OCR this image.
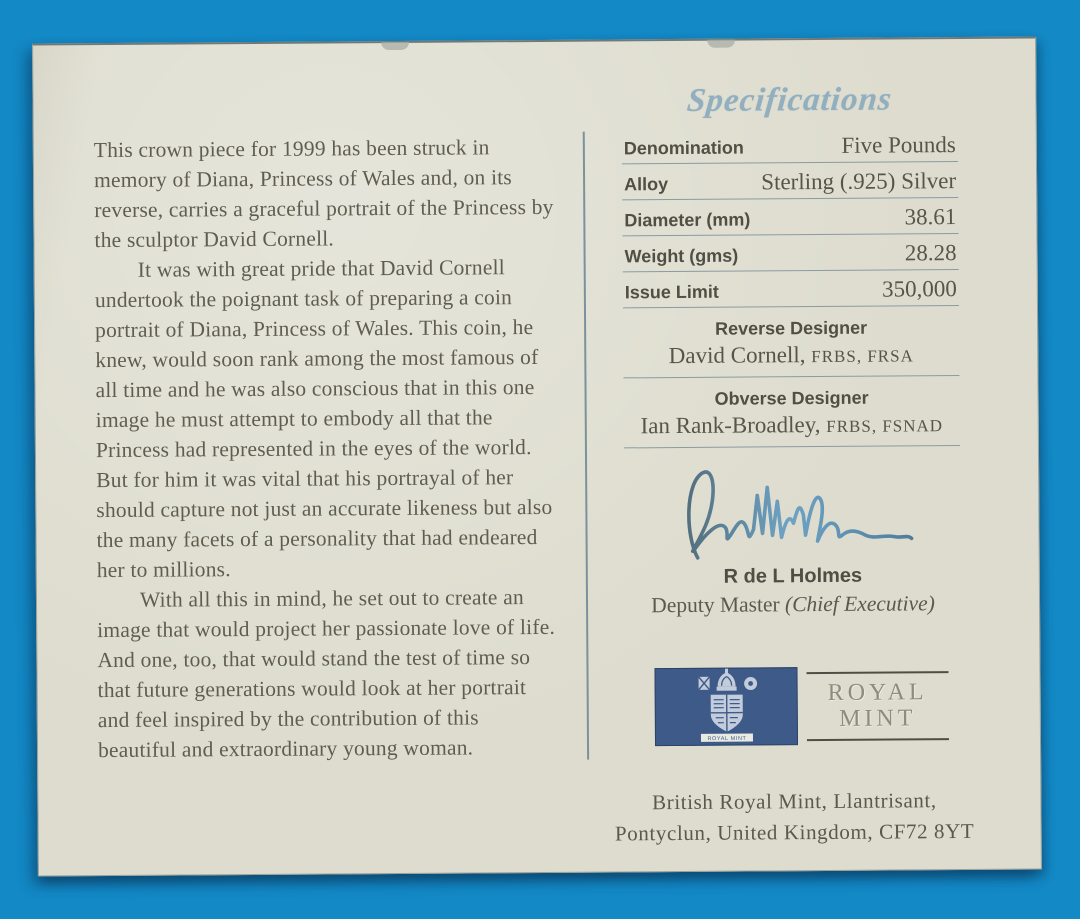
This crown piece for 1999 has been struck in memory of Diana, Princess of Wales and, on its reverse, carries a graceful portrait of the Princess by the sculptor David Cornell.

It was with great pride that David Cornell undertook the poignant task of preparing a coin portrait of Diana, Princess of Wales. This coin, he knew, would soon rank among the most famous of all time and he was also conscious that in this one image he must attempt to embody all that the Princess had represented in the eyes of the world. But for him it was vital that his portrayal of her should capture not just an accurate likeness but also the many facets of a personality that had endeared her to millions.

With all this in mind, he set out to create an image that would project her passionate love of life. And one, too, that would stand the test of time so that future generations would look at her portrait and feel inspired by the contribution of this beautiful and extraordinary young woman.

Specifications
Denomination	Five Pounds
Alloy	Sterling (.925) Silver
Diameter (mm)	38.61
Weight (gms)	28.28
Issue Limit	350,000
Reverse Designer
David Cornell, FRBS, FRSA
Obverse Designer
Ian Rank-Broadley, FRBS, FSNAD
R de L Holmes
Deputy Master (Chief Executive)
ROYAL MINT
ROYAL
MINT
British Royal Mint, Llantrisant,
Pontyclun, United Kingdom, CF72 8YT
